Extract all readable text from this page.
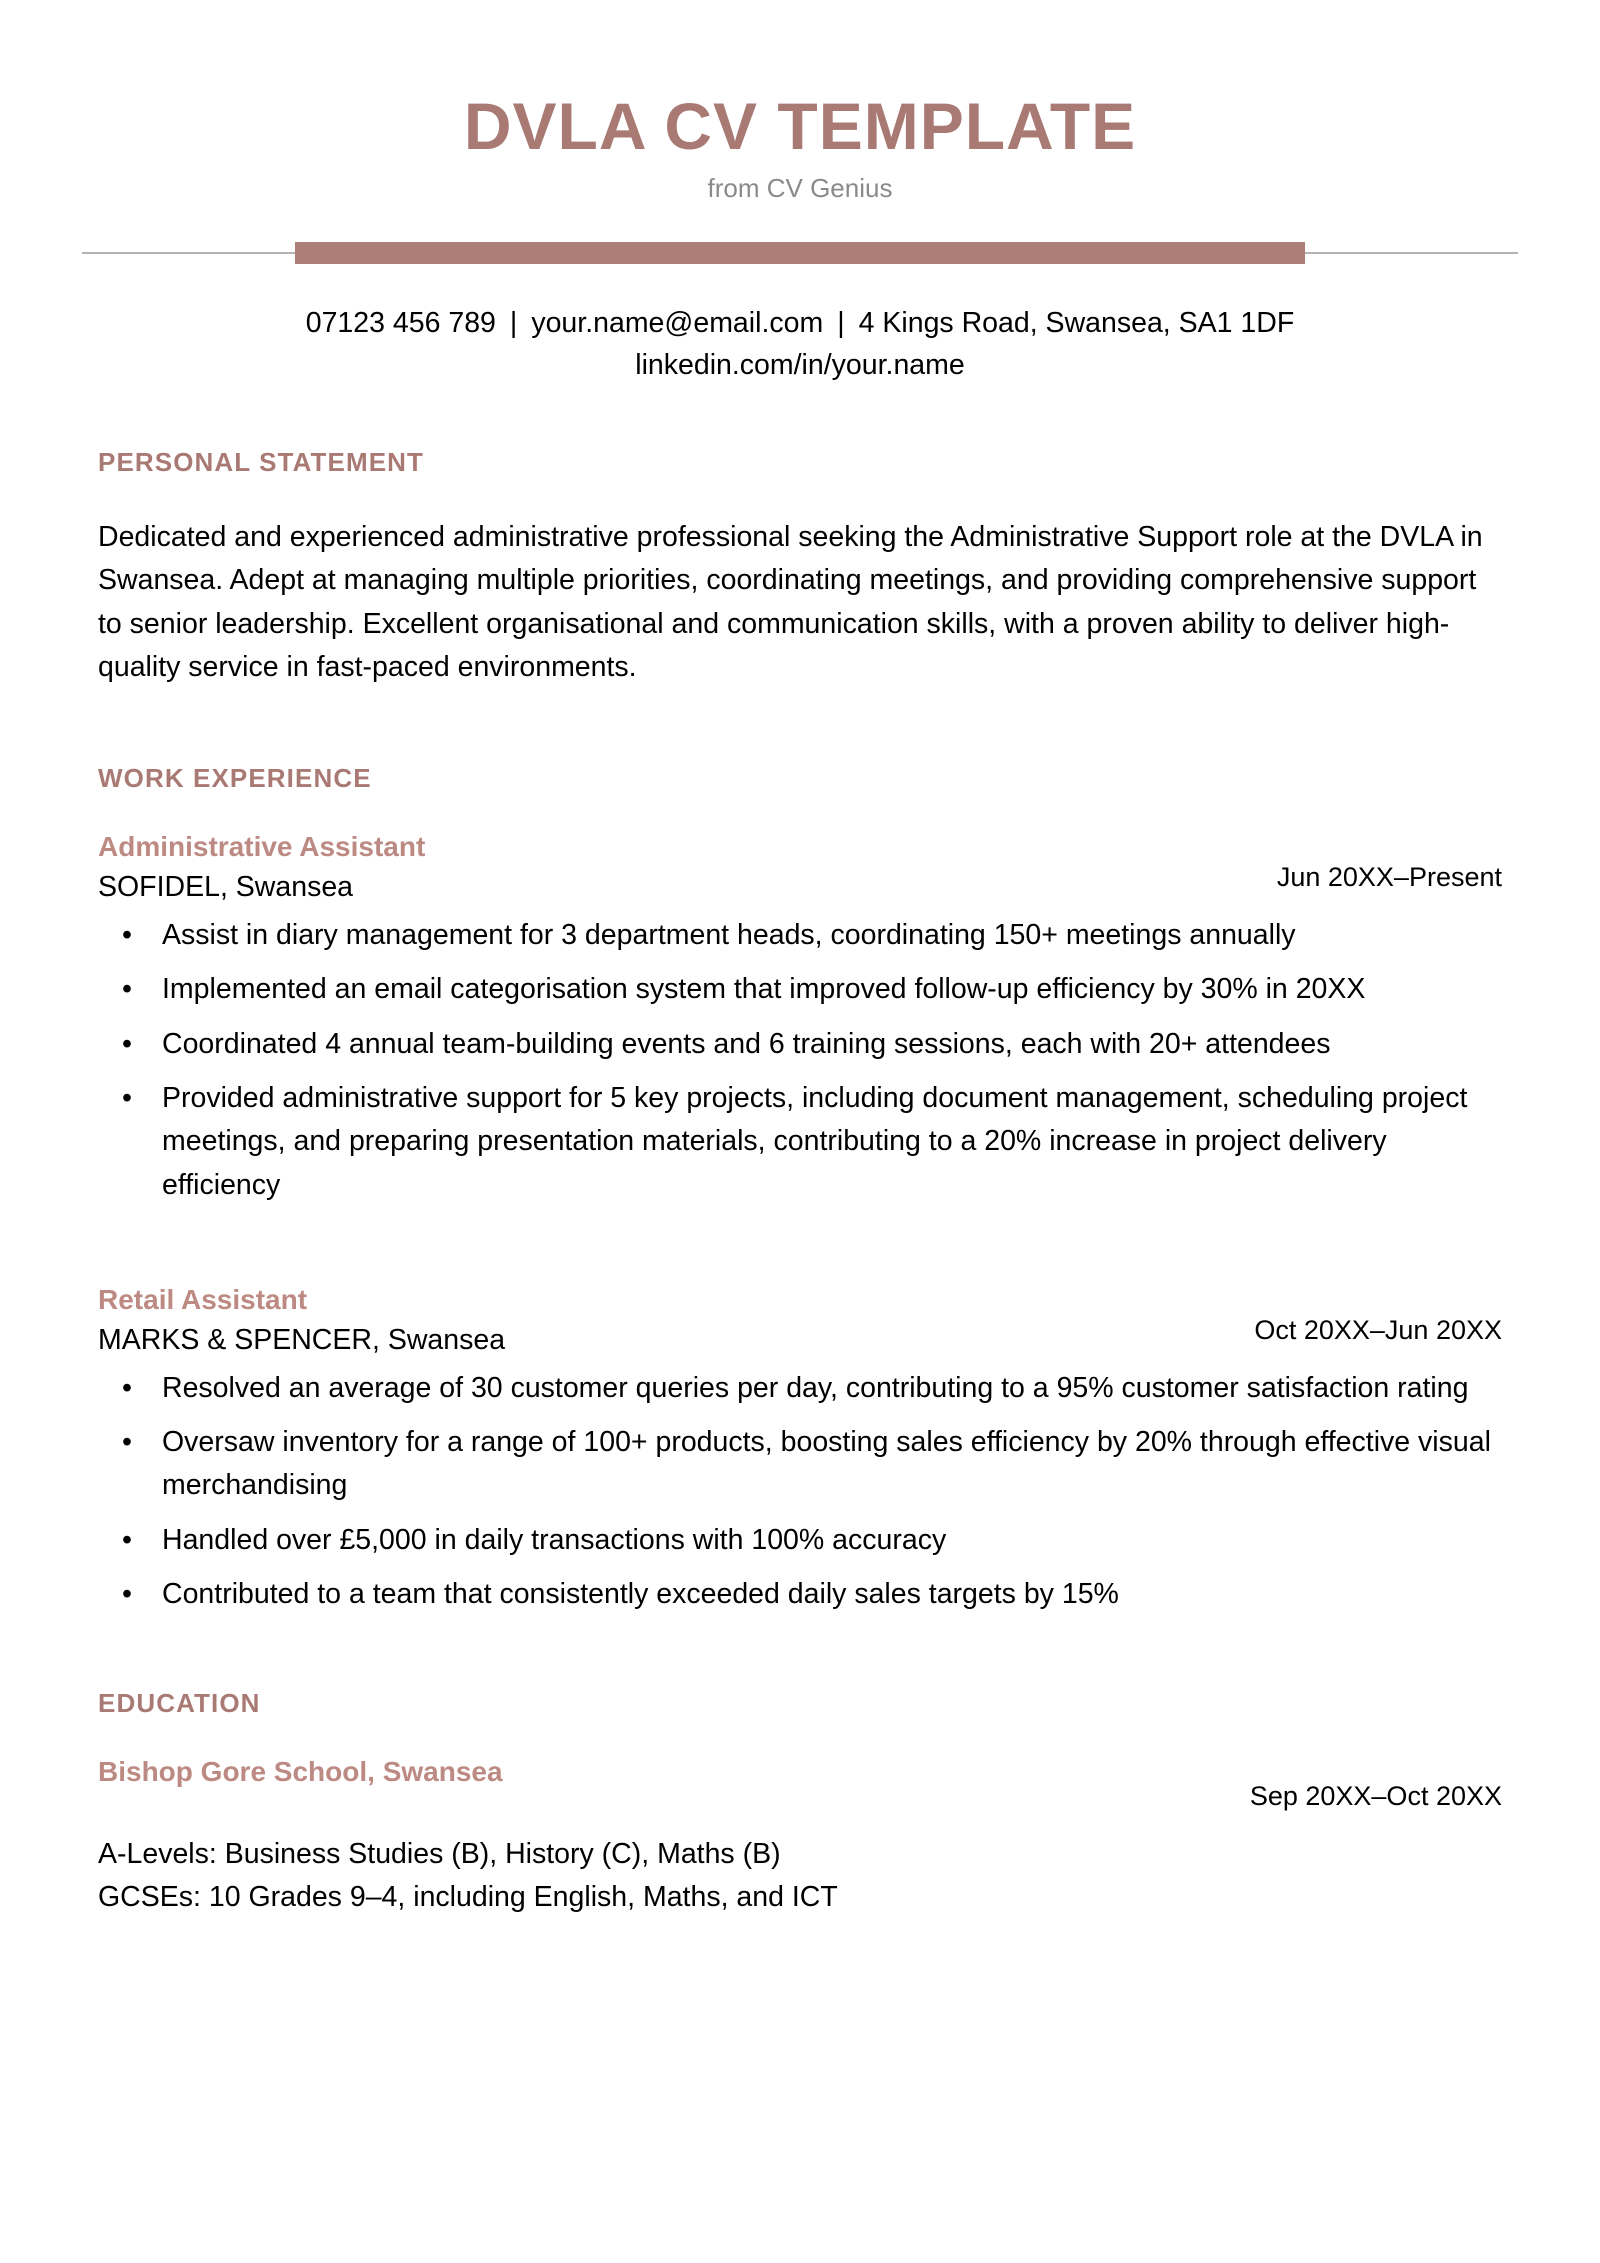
DVLA CV TEMPLATE
from CV Genius
07123 456 789 | your.name@email.com | 4 Kings Road, Swansea, SA1 1DF
linkedin.com/in/your.name
PERSONAL STATEMENT
Dedicated and experienced administrative professional seeking the Administrative Support role at the DVLA in Swansea. Adept at managing multiple priorities, coordinating meetings, and providing comprehensive support to senior leadership. Excellent organisational and communication skills, with a proven ability to deliver high-quality service in fast-paced environments.
WORK EXPERIENCE
Administrative Assistant
SOFIDEL, Swansea	Jun 20XX–Present
• Assist in diary management for 3 department heads, coordinating 150+ meetings annually
• Implemented an email categorisation system that improved follow-up efficiency by 30% in 20XX
• Coordinated 4 annual team-building events and 6 training sessions, each with 20+ attendees
• Provided administrative support for 5 key projects, including document management, scheduling project meetings, and preparing presentation materials, contributing to a 20% increase in project delivery efficiency
Retail Assistant
MARKS & SPENCER, Swansea	Oct 20XX–Jun 20XX
• Resolved an average of 30 customer queries per day, contributing to a 95% customer satisfaction rating
• Oversaw inventory for a range of 100+ products, boosting sales efficiency by 20% through effective visual merchandising
• Handled over £5,000 in daily transactions with 100% accuracy
• Contributed to a team that consistently exceeded daily sales targets by 15%
EDUCATION
Bishop Gore School, Swansea
Sep 20XX–Oct 20XX
A-Levels: Business Studies (B), History (C), Maths (B)
GCSEs: 10 Grades 9–4, including English, Maths, and ICT
